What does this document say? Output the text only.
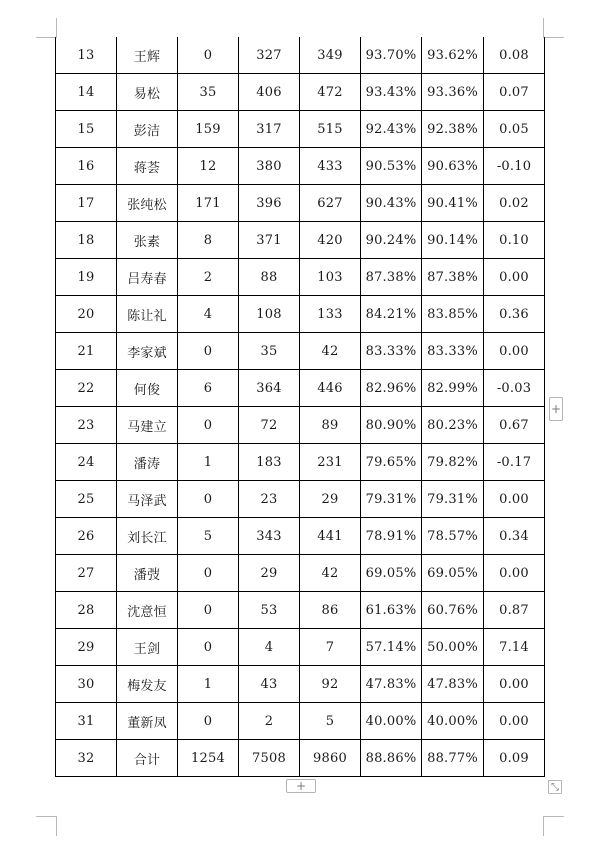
13	王辉	0	327	349	93.70%	93.62%	0.08
14	易松	35	406	472	93.43%	93.36%	0.07
15	彭洁	159	317	515	92.43%	92.38%	0.05
16	蒋荟	12	380	433	90.53%	90.63%	-0.10
17	张纯松	171	396	627	90.43%	90.41%	0.02
18	张素	8	371	420	90.24%	90.14%	0.10
19	吕寿春	2	88	103	87.38%	87.38%	0.00
20	陈让礼	4	108	133	84.21%	83.85%	0.36
21	李家斌	0	35	42	83.33%	83.33%	0.00
22	何俊	6	364	446	82.96%	82.99%	-0.03
23	马建立	0	72	89	80.90%	80.23%	0.67
24	潘涛	1	183	231	79.65%	79.82%	-0.17
25	马泽武	0	23	29	79.31%	79.31%	0.00
26	刘长江	5	343	441	78.91%	78.57%	0.34
27	潘弢	0	29	42	69.05%	69.05%	0.00
28	沈意恒	0	53	86	61.63%	60.76%	0.87
29	王剑	0	4	7	57.14%	50.00%	7.14
30	梅发友	1	43	92	47.83%	47.83%	0.00
31	董新凤	0	2	5	40.00%	40.00%	0.00
32	合计	1254	7508	9860	88.86%	88.77%	0.09
+
+	⤡
